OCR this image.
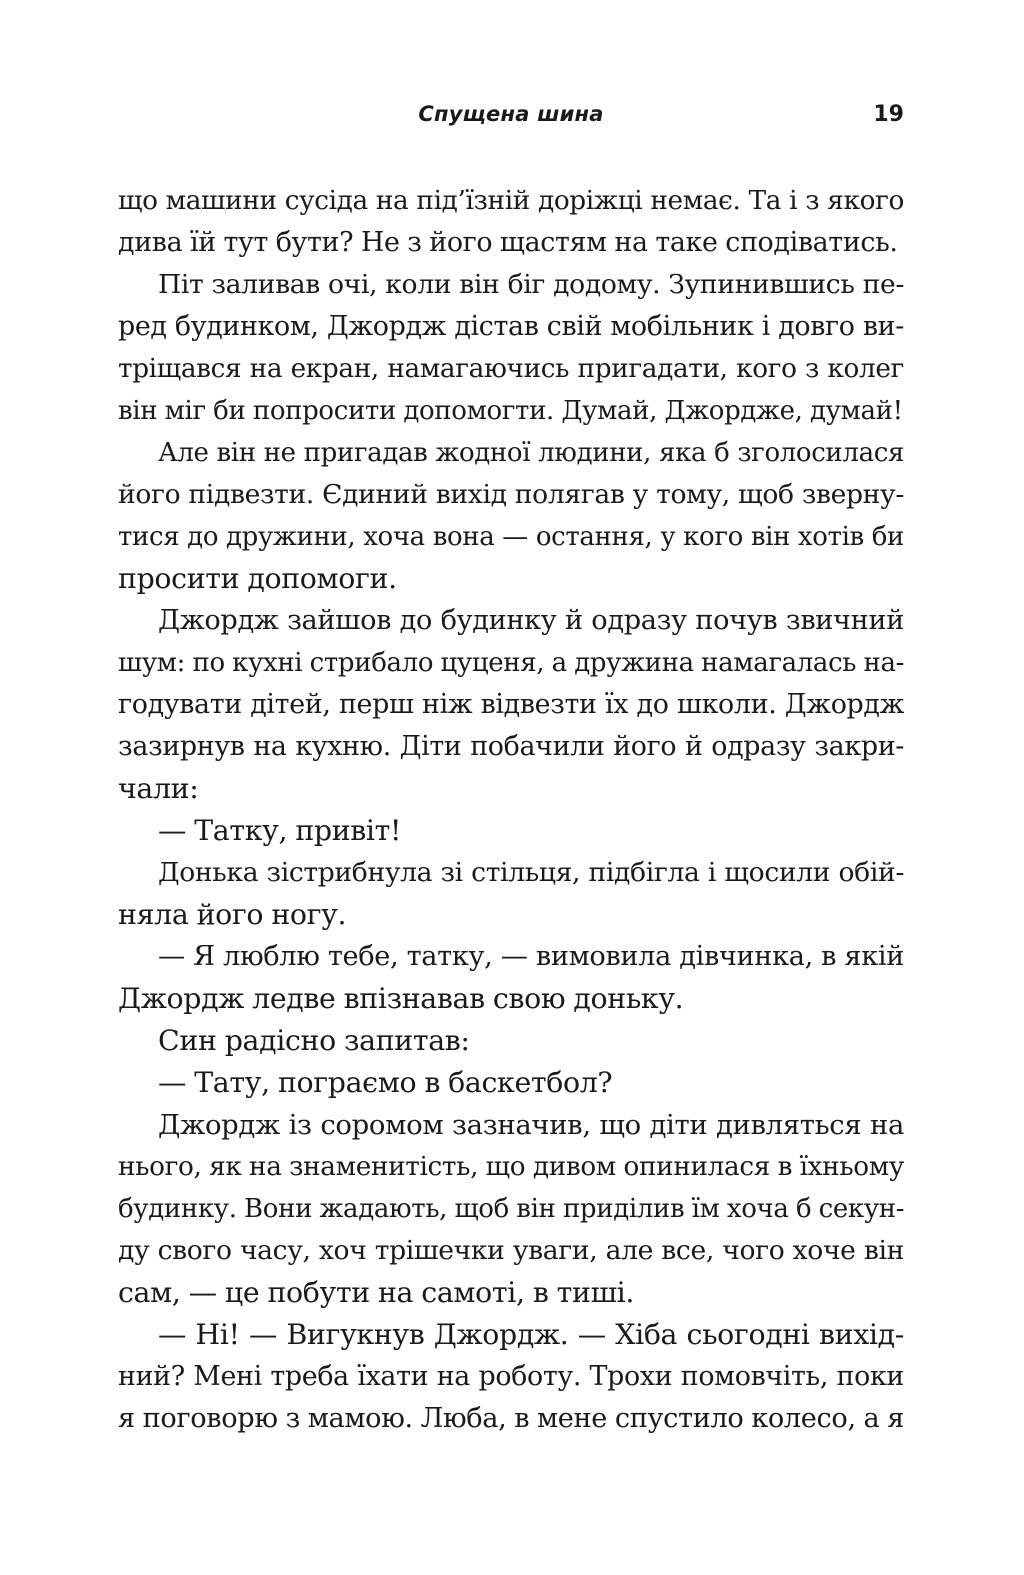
Спущена шина	19
що машини сусіда на під’їзній доріжці немає. Та і з якого
дива їй тут бути? Не з його щастям на таке сподіватись.
Піт заливав очі, коли він біг додому. Зупинившись пе-
ред будинком, Джордж дістав свій мобільник і довго ви-
тріщався на екран, намагаючись пригадати, кого з колег
він міг би попросити допомогти. Думай, Джордже, думай!
Але він не пригадав жодної людини, яка б зголосилася
його підвезти. Єдиний вихід полягав у тому, щоб зверну-
тися до дружини, хоча вона — остання, у кого він хотів би
просити допомоги.
Джордж зайшов до будинку й одразу почув звичний
шум: по кухні стрибало цуценя, а дружина намагалась на-
годувати дітей, перш ніж відвезти їх до школи. Джордж
зазирнув на кухню. Діти побачили його й одразу закри-
чали:
— Татку, привіт!
Донька зістрибнула зі стільця, підбігла і щосили обій-
няла його ногу.
— Я люблю тебе, татку, — вимовила дівчинка, в якій
Джордж ледве впізнавав свою доньку.
Син радісно запитав:
— Тату, пограємо в баскетбол?
Джордж із соромом зазначив, що діти дивляться на
нього, як на знаменитість, що дивом опинилася в їхньому
будинку. Вони жадають, щоб він приділив їм хоча б секун-
ду свого часу, хоч трішечки уваги, але все, чого хоче він
сам, — це побути на самоті, в тиші.
— Ні! — Вигукнув Джордж. — Хіба сьогодні вихід-
ний? Мені треба їхати на роботу. Трохи помовчіть, поки
я поговорю з мамою. Люба, в мене спустило колесо, а я
